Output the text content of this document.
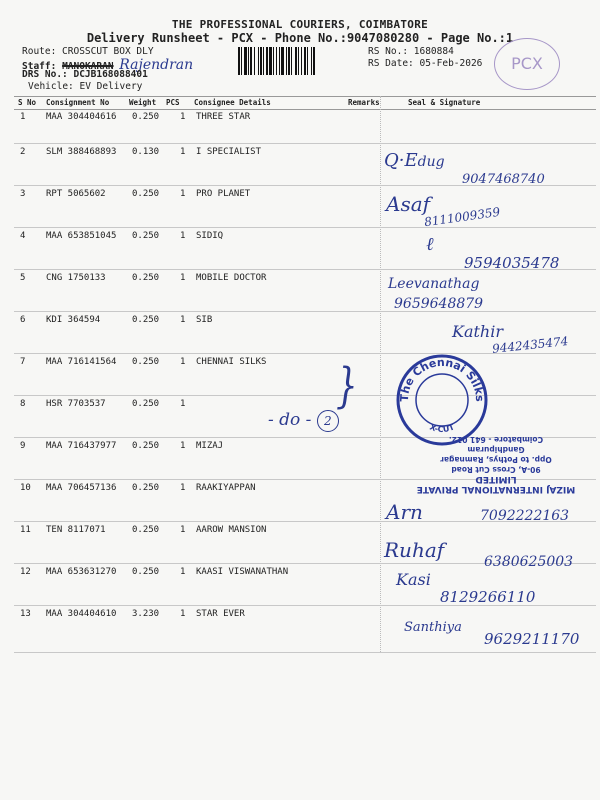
THE PROFESSIONAL COURIERS, COIMBATORE
Delivery Runsheet - PCX - Phone No.:9047080280 - Page No.:1
Route: CROSSCUT BOX DLY
Staff: MANOKARAN Rajendran
DRS No.: DCJB168088401
Vehicle: EV Delivery
RS No.: 1680884
RS Date: 05-Feb-2026	PCX
S No Consignment No	Weight PCS Consignee Details	Remarks	Seal & Signature
1 MAA 304404616 0.250 1 THREE STAR
2 SLM 388468893 0.130 1 I SPECIALIST
3 RPT 5065602	0.250 1 PRO PLANET
4 MAA 653851045 0.250 1 SIDIQ
5 CNG 1750133	0.250 1 MOBILE DOCTOR
6 KDI 364594	0.250 1 SIB
7 MAA 716141564 0.250 1 CHENNAI SILKS
8 HSR 7703537	0.250 1
9 MAA 716437977 0.250 1 MIZAJ
10 MAA 706457136 0.250 1 RAAKIYAPPAN
11 TEN 8117071	0.250 1 AAROW MANSION
12 MAA 653631270 0.250 1 KAASI VISWANATHAN
13 MAA 304404610 3.230 1 STAR EVER
Q·Edug
9047468740
Asaf
8111009359
ℓ
9594035478
Leevanathag
9659648879
Kathir
9442435474
}
- do - 2
The Chennai Silks
X-CUT
MIZAJ INTERNATIONAL PRIVATE LIMITED
90-A, Cross Cut Road
Opp. to Pothys, Ramnagar
Gandhipuram
Coimbatore - 641 012.
Arn	7092222163
Ruhaf	6380625003
Kasi
8129266110
Santhiya
9629211170
